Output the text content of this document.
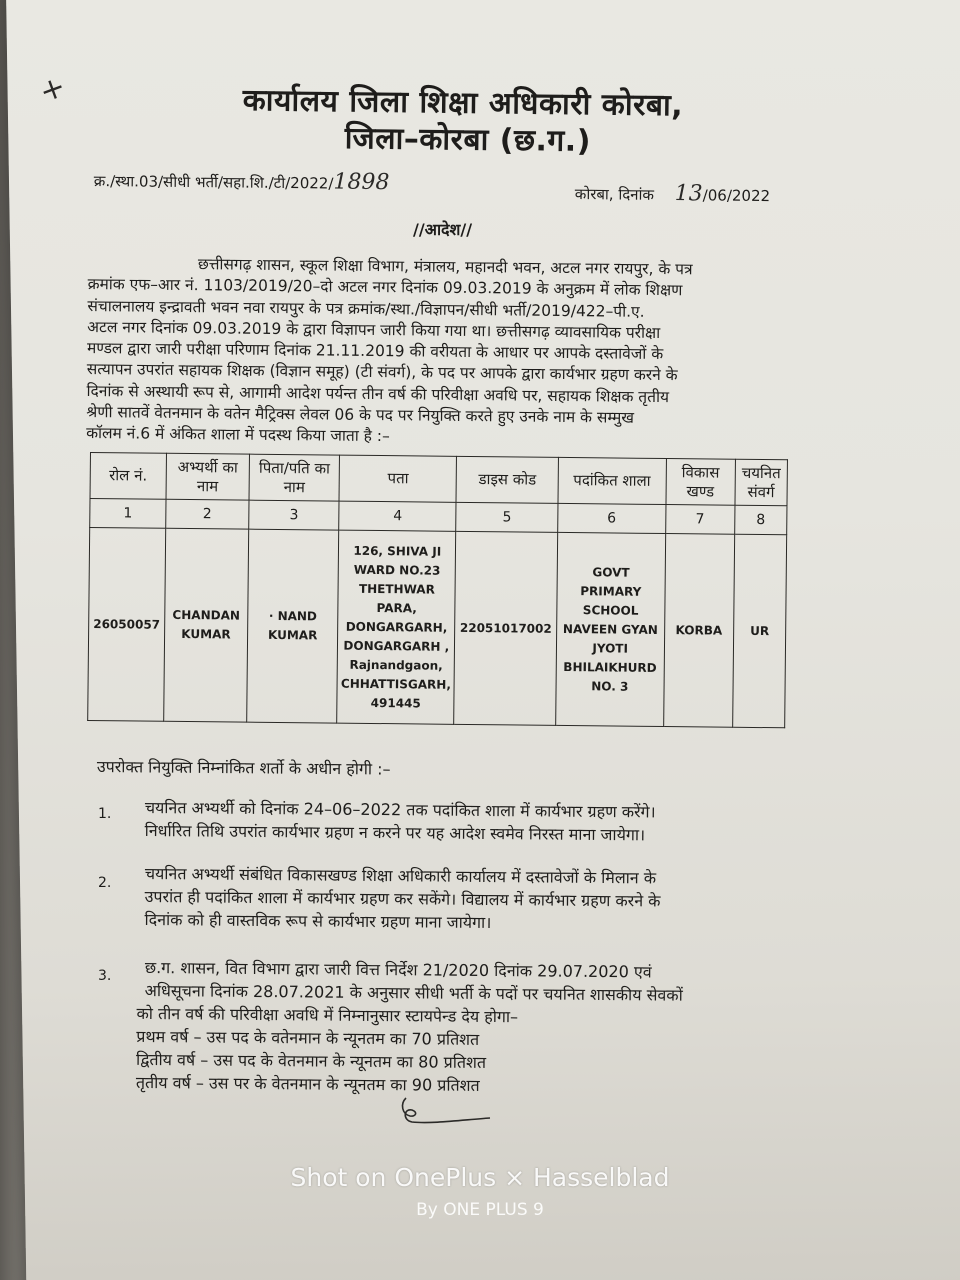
+	कार्यालय जिला शिक्षा अधिकारी कोरबा,
जिला–कोरबा (छ.ग.)
क्र./स्था.03/सीधी भर्ती/सहा.शि./टी/2022/1898	कोरबा, दिनांक 13/06/2022
//आदेश//
छत्तीसगढ़ शासन, स्कूल शिक्षा विभाग, मंत्रालय, महानदी भवन, अटल नगर रायपुर, के पत्र
क्रमांक एफ–आर नं. 1103/2019/20–दो अटल नगर दिनांक 09.03.2019 के अनुक्रम में लोक शिक्षण
संचालनालय इन्द्रावती भवन नवा रायपुर के पत्र क्रमांक/स्था./विज्ञापन/सीधी भर्ती/2019/422–पी.ए.
अटल नगर दिनांक 09.03.2019 के द्वारा विज्ञापन जारी किया गया था। छत्तीसगढ़ व्यावसायिक परीक्षा
मण्डल द्वारा जारी परीक्षा परिणाम दिनांक 21.11.2019 की वरीयता के आधार पर आपके दस्तावेजों के
सत्यापन उपरांत सहायक शिक्षक (विज्ञान समूह) (टी संवर्ग), के पद पर आपके द्वारा कार्यभार ग्रहण करने के
दिनांक से अस्थायी रूप से, आगामी आदेश पर्यन्त तीन वर्ष की परिवीक्षा अवधि पर, सहायक शिक्षक तृतीय
श्रेणी सातवें वेतनमान के वतेन मैट्रिक्स लेवल 06 के पद पर नियुक्ति करते हुए उनके नाम के सम्मुख
कॉलम नं.6 में अंकित शाला में पदस्थ किया जाता है :–
रोल नं.	अभ्यर्थी का नाम	पिता/पति का नाम	पता	डाइस कोड	पदांकित शाला	विकास खण्ड	चयनित संवर्ग
1	2	3	4	5	6	7	8
26050057	CHANDAN KUMAR	· NAND KUMAR	126, SHIVA JI WARD NO.23 THETHWAR PARA, DONGARGARH, DONGARGARH , Rajnandgaon, CHHATTISGARH, 491445	22051017002	GOVT PRIMARY SCHOOL NAVEEN GYAN JYOTI BHILAIKHURD NO. 3	KORBA	UR
उपरोक्त नियुक्ति निम्नांकित शर्तो के अधीन होगी :–
1. चयनित अभ्यर्थी को दिनांक 24–06–2022 तक पदांकित शाला में कार्यभार ग्रहण करेंगे।
निर्धारित तिथि उपरांत कार्यभार ग्रहण न करने पर यह आदेश स्वमेव निरस्त माना जायेगा।
2. चयनित अभ्यर्थी संबंधित विकासखण्ड शिक्षा अधिकारी कार्यालय में दस्तावेजों के मिलान के
उपरांत ही पदांकित शाला में कार्यभार ग्रहण कर सकेंगे। विद्यालय में कार्यभार ग्रहण करने के
दिनांक को ही वास्तविक रूप से कार्यभार ग्रहण माना जायेगा।
3. छ.ग. शासन, वित विभाग द्वारा जारी वित्त निर्देश 21/2020 दिनांक 29.07.2020 एवं
अधिसूचना दिनांक 28.07.2021 के अनुसार सीधी भर्ती के पदों पर चयनित शासकीय सेवकों
को तीन वर्ष की परिवीक्षा अवधि में निम्नानुसार स्टायपेन्ड देय होगा–
प्रथम वर्ष – उस पद के वतेनमान के न्यूनतम का 70 प्रतिशत
द्वितीय वर्ष – उस पद के वेतनमान के न्यूनतम का 80 प्रतिशत
तृतीय वर्ष – उस पर के वेतनमान के न्यूनतम का 90 प्रतिशत
Shot on OnePlus × Hasselblad
By ONE PLUS 9
